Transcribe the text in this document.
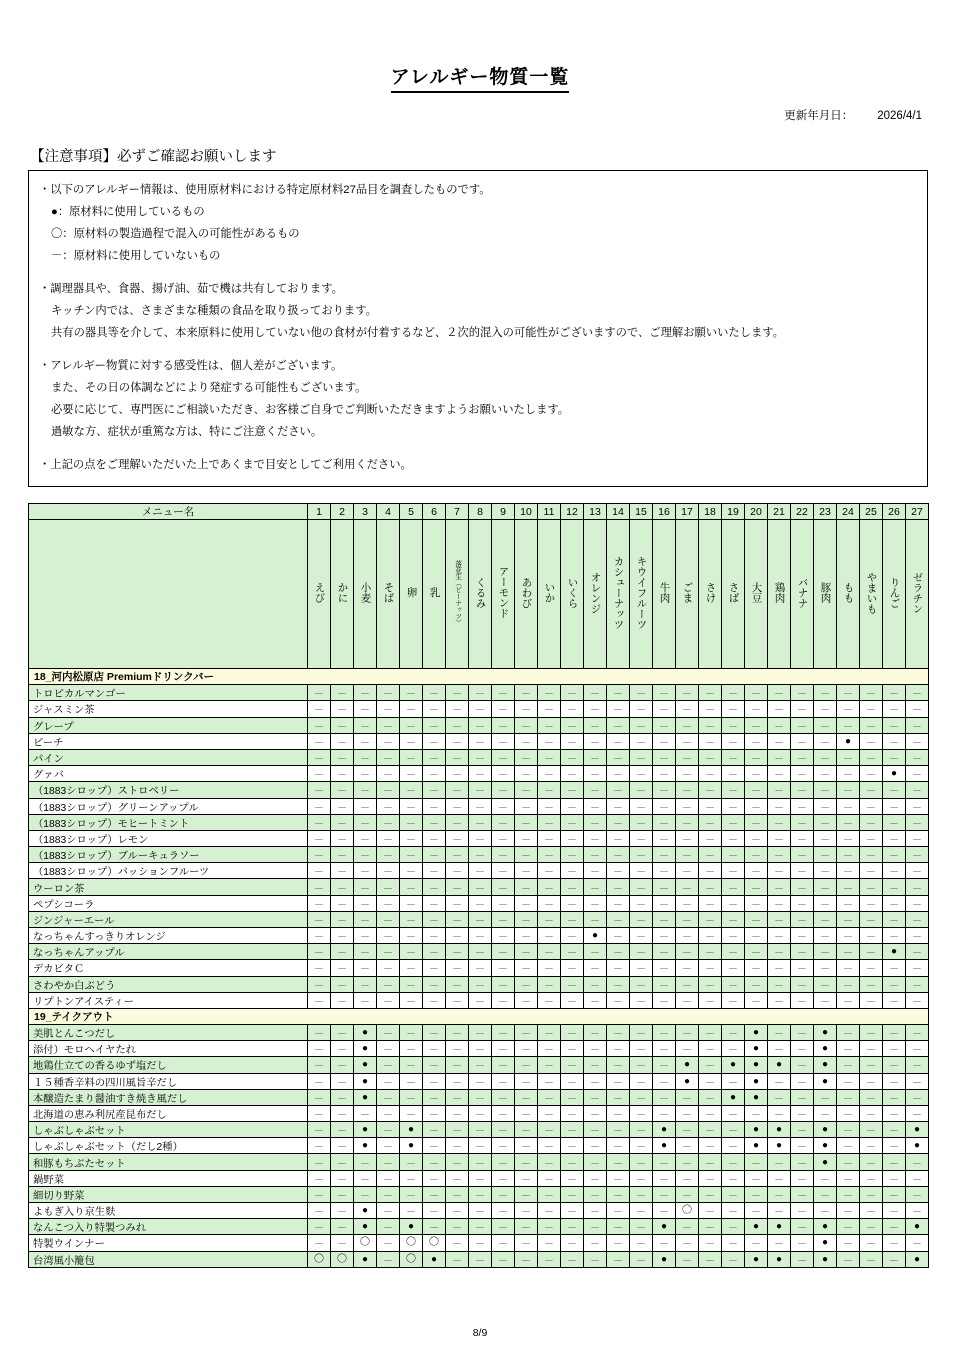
アレルギー物質一覧
更新年月日： 2026/4/1
【注意事項】必ずご確認お願いします
・以下のアレルギー情報は、使用原材料における特定原材料27品目を調査したものです。
●：原材料に使用しているもの
〇：原材料の製造過程で混入の可能性があるもの
－：原材料に使用していないもの
・調理器具や、食器、揚げ油、茹で機は共有しております。
キッチン内では、さまざまな種類の食品を取り扱っております。
共有の器具等を介して、本来原料に使用していない他の食材が付着するなど、２次的混入の可能性がございますので、ご理解お願いいたします。
・アレルギー物質に対する感受性は、個人差がございます。
また、その日の体調などにより発症する可能性もございます。
必要に応じて、専門医にご相談いただき、お客様ご自身でご判断いただきますようお願いいたします。
過敏な方、症状が重篤な方は、特にご注意ください。
・上記の点をご理解いただいた上であくまで目安としてご利用ください。
メニュー名	1	2	3	4	5	6	7	8	9	10	11	12	13	14	15	16	17	18	19	20	21	22	23	24	25	26	27
	えび	かに	小麦	そば	卵	乳	落花生（ピーナッツ）	くるみ	アーモンド	あわび	いか	いくら	オレンジ	カシューナッツ	キウイフルーツ	牛肉	ごま	さけ	さば	大豆	鶏肉	バナナ	豚肉	もも	やまいも	りんご	ゼラチン
18_河内松原店 Premiumドリンクバー																											
トロピカルマンゴー	－	－	－	－	－	－	－	－	－	－	－	－	－	－	－	－	－	－	－	－	－	－	－	－	－	－	－
ジャスミン茶	－	－	－	－	－	－	－	－	－	－	－	－	－	－	－	－	－	－	－	－	－	－	－	－	－	－	－
グレープ	－	－	－	－	－	－	－	－	－	－	－	－	－	－	－	－	－	－	－	－	－	－	－	－	－	－	－
ピーチ	－	－	－	－	－	－	－	－	－	－	－	－	－	－	－	－	－	－	－	－	－	－	－	●	－	－	－
パイン	－	－	－	－	－	－	－	－	－	－	－	－	－	－	－	－	－	－	－	－	－	－	－	－	－	－	－
グァバ	－	－	－	－	－	－	－	－	－	－	－	－	－	－	－	－	－	－	－	－	－	－	－	－	－	●	－
（1883シロップ）ストロベリー	－	－	－	－	－	－	－	－	－	－	－	－	－	－	－	－	－	－	－	－	－	－	－	－	－	－	－
（1883シロップ）グリーンアップル	－	－	－	－	－	－	－	－	－	－	－	－	－	－	－	－	－	－	－	－	－	－	－	－	－	－	－
（1883シロップ）モヒートミント	－	－	－	－	－	－	－	－	－	－	－	－	－	－	－	－	－	－	－	－	－	－	－	－	－	－	－
（1883シロップ）レモン	－	－	－	－	－	－	－	－	－	－	－	－	－	－	－	－	－	－	－	－	－	－	－	－	－	－	－
（1883シロップ）ブルーキュラソー	－	－	－	－	－	－	－	－	－	－	－	－	－	－	－	－	－	－	－	－	－	－	－	－	－	－	－
（1883シロップ）パッションフルーツ	－	－	－	－	－	－	－	－	－	－	－	－	－	－	－	－	－	－	－	－	－	－	－	－	－	－	－
ウーロン茶	－	－	－	－	－	－	－	－	－	－	－	－	－	－	－	－	－	－	－	－	－	－	－	－	－	－	－
ペプシコーラ	－	－	－	－	－	－	－	－	－	－	－	－	－	－	－	－	－	－	－	－	－	－	－	－	－	－	－
ジンジャーエール	－	－	－	－	－	－	－	－	－	－	－	－	－	－	－	－	－	－	－	－	－	－	－	－	－	－	－
なっちゃんすっきりオレンジ	－	－	－	－	－	－	－	－	－	－	－	－	●	－	－	－	－	－	－	－	－	－	－	－	－	－	－
なっちゃんアップル	－	－	－	－	－	－	－	－	－	－	－	－	－	－	－	－	－	－	－	－	－	－	－	－	－	●	－
デカビタＣ	－	－	－	－	－	－	－	－	－	－	－	－	－	－	－	－	－	－	－	－	－	－	－	－	－	－	－
さわやか白ぶどう	－	－	－	－	－	－	－	－	－	－	－	－	－	－	－	－	－	－	－	－	－	－	－	－	－	－	－
リプトンアイスティー	－	－	－	－	－	－	－	－	－	－	－	－	－	－	－	－	－	－	－	－	－	－	－	－	－	－	－
19_テイクアウト																											
美肌とんこつだし	－	－	●	－	－	－	－	－	－	－	－	－	－	－	－	－	－	－	－	●	－	－	●	－	－	－	－
添付）モロヘイヤたれ	－	－	●	－	－	－	－	－	－	－	－	－	－	－	－	－	－	－	－	●	－	－	●	－	－	－	－
地鶏仕立ての香るゆず塩だし	－	－	●	－	－	－	－	－	－	－	－	－	－	－	－	－	●	－	●	●	●	－	●	－	－	－	－
１５種香辛料の四川風旨辛だし	－	－	●	－	－	－	－	－	－	－	－	－	－	－	－	－	●	－	－	●	－	－	●	－	－	－	－
本醸造たまり醤油すき焼き風だし	－	－	●	－	－	－	－	－	－	－	－	－	－	－	－	－	－	－	●	●	－	－	－	－	－	－	－
北海道の恵み利尻産昆布だし	－	－	－	－	－	－	－	－	－	－	－	－	－	－	－	－	－	－	－	－	－	－	－	－	－	－	－
しゃぶしゃぶセット	－	－	●	－	●	－	－	－	－	－	－	－	－	－	－	●	－	－	－	●	●	－	●	－	－	－	●
しゃぶしゃぶセット（だし2種）	－	－	●	－	●	－	－	－	－	－	－	－	－	－	－	●	－	－	－	●	●	－	●	－	－	－	●
和豚もちぶたセット	－	－	－	－	－	－	－	－	－	－	－	－	－	－	－	－	－	－	－	－	－	－	●	－	－	－	－
鍋野菜	－	－	－	－	－	－	－	－	－	－	－	－	－	－	－	－	－	－	－	－	－	－	－	－	－	－	－
細切り野菜	－	－	－	－	－	－	－	－	－	－	－	－	－	－	－	－	－	－	－	－	－	－	－	－	－	－	－
よもぎ入り京生麩	－	－	●	－	－	－	－	－	－	－	－	－	－	－	－	－	〇	－	－	－	－	－	－	－	－	－	－
なんこつ入り特製つみれ	－	－	●	－	●	－	－	－	－	－	－	－	－	－	－	●	－	－	－	●	●	－	●	－	－	－	●
特製ウインナー	－	－	〇	－	〇	〇	－	－	－	－	－	－	－	－	－	－	－	－	－	－	－	－	●	－	－	－	－
台湾風小籠包	〇	〇	●	－	〇	●	－	－	－	－	－	－	－	－	－	●	－	－	－	●	●	－	●	－	－	－	●
8/9
